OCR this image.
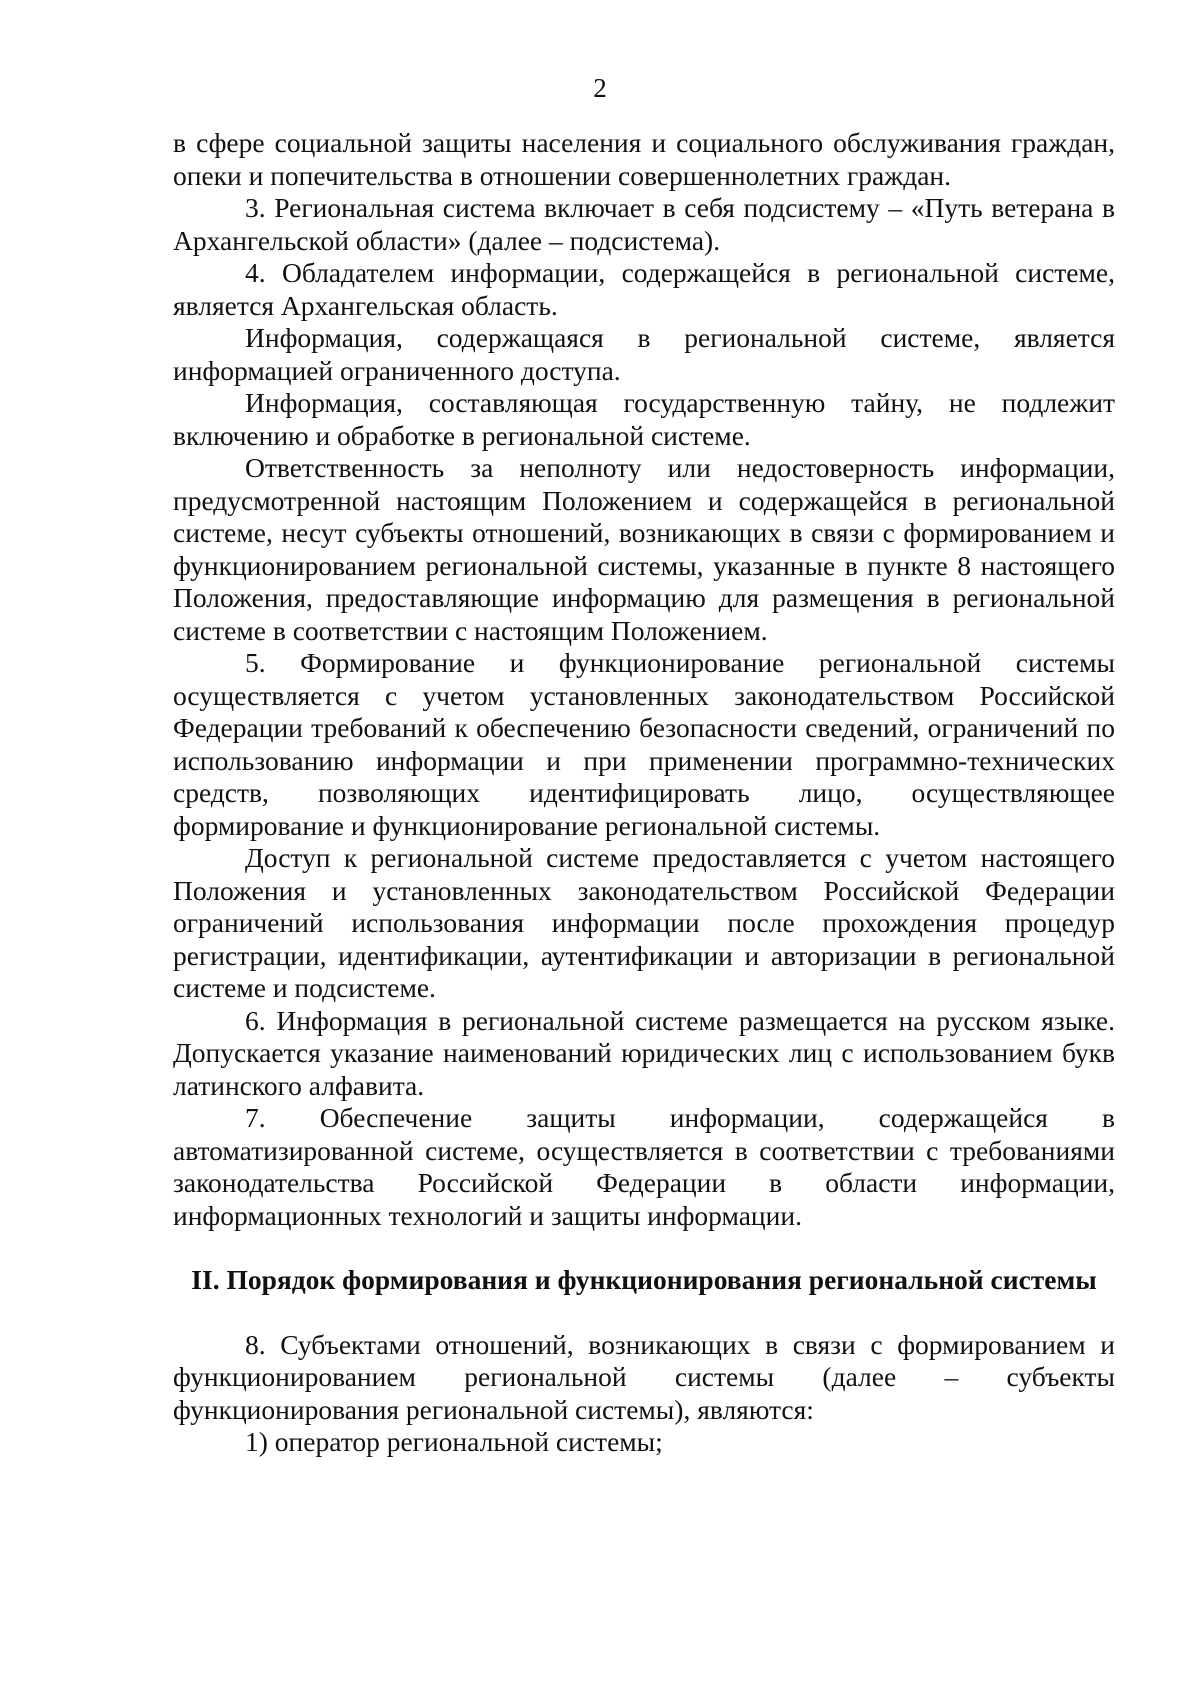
2

в сфере социальной защиты населения и социального обслуживания граждан, опеки и попечительства в отношении совершеннолетних граждан.

3. Региональная система включает в себя подсистему – «Путь ветерана в Архангельской области» (далее – подсистема).

4. Обладателем информации, содержащейся в региональной системе, является Архангельская область.

Информация, содержащаяся в региональной системе, является информацией ограниченного доступа.

Информация, составляющая государственную тайну, не подлежит включению и обработке в региональной системе.

Ответственность за неполноту или недостоверность информации, предусмотренной настоящим Положением и содержащейся в региональной системе, несут субъекты отношений, возникающих в связи с формированием и функционированием региональной системы, указанные в пункте 8 настоящего Положения, предоставляющие информацию для размещения в региональной системе в соответствии с настоящим Положением.

5. Формирование и функционирование региональной системы осуществляется с учетом установленных законодательством Российской Федерации требований к обеспечению безопасности сведений, ограничений по использованию информации и при применении программно-технических средств, позволяющих идентифицировать лицо, осуществляющее формирование и функционирование региональной системы.

Доступ к региональной системе предоставляется с учетом настоящего Положения и установленных законодательством Российской Федерации ограничений использования информации после прохождения процедур регистрации, идентификации, аутентификации и авторизации в региональной системе и подсистеме.

6. Информация в региональной системе размещается на русском языке. Допускается указание наименований юридических лиц с использованием букв латинского алфавита.

7. Обеспечение защиты информации, содержащейся в автоматизированной системе, осуществляется в соответствии с требованиями законодательства Российской Федерации в области информации, информационных технологий и защиты информации.

II. Порядок формирования и функционирования региональной системы

8. Субъектами отношений, возникающих в связи с формированием и функционированием региональной системы (далее – субъекты функционирования региональной системы), являются:

1) оператор региональной системы;
